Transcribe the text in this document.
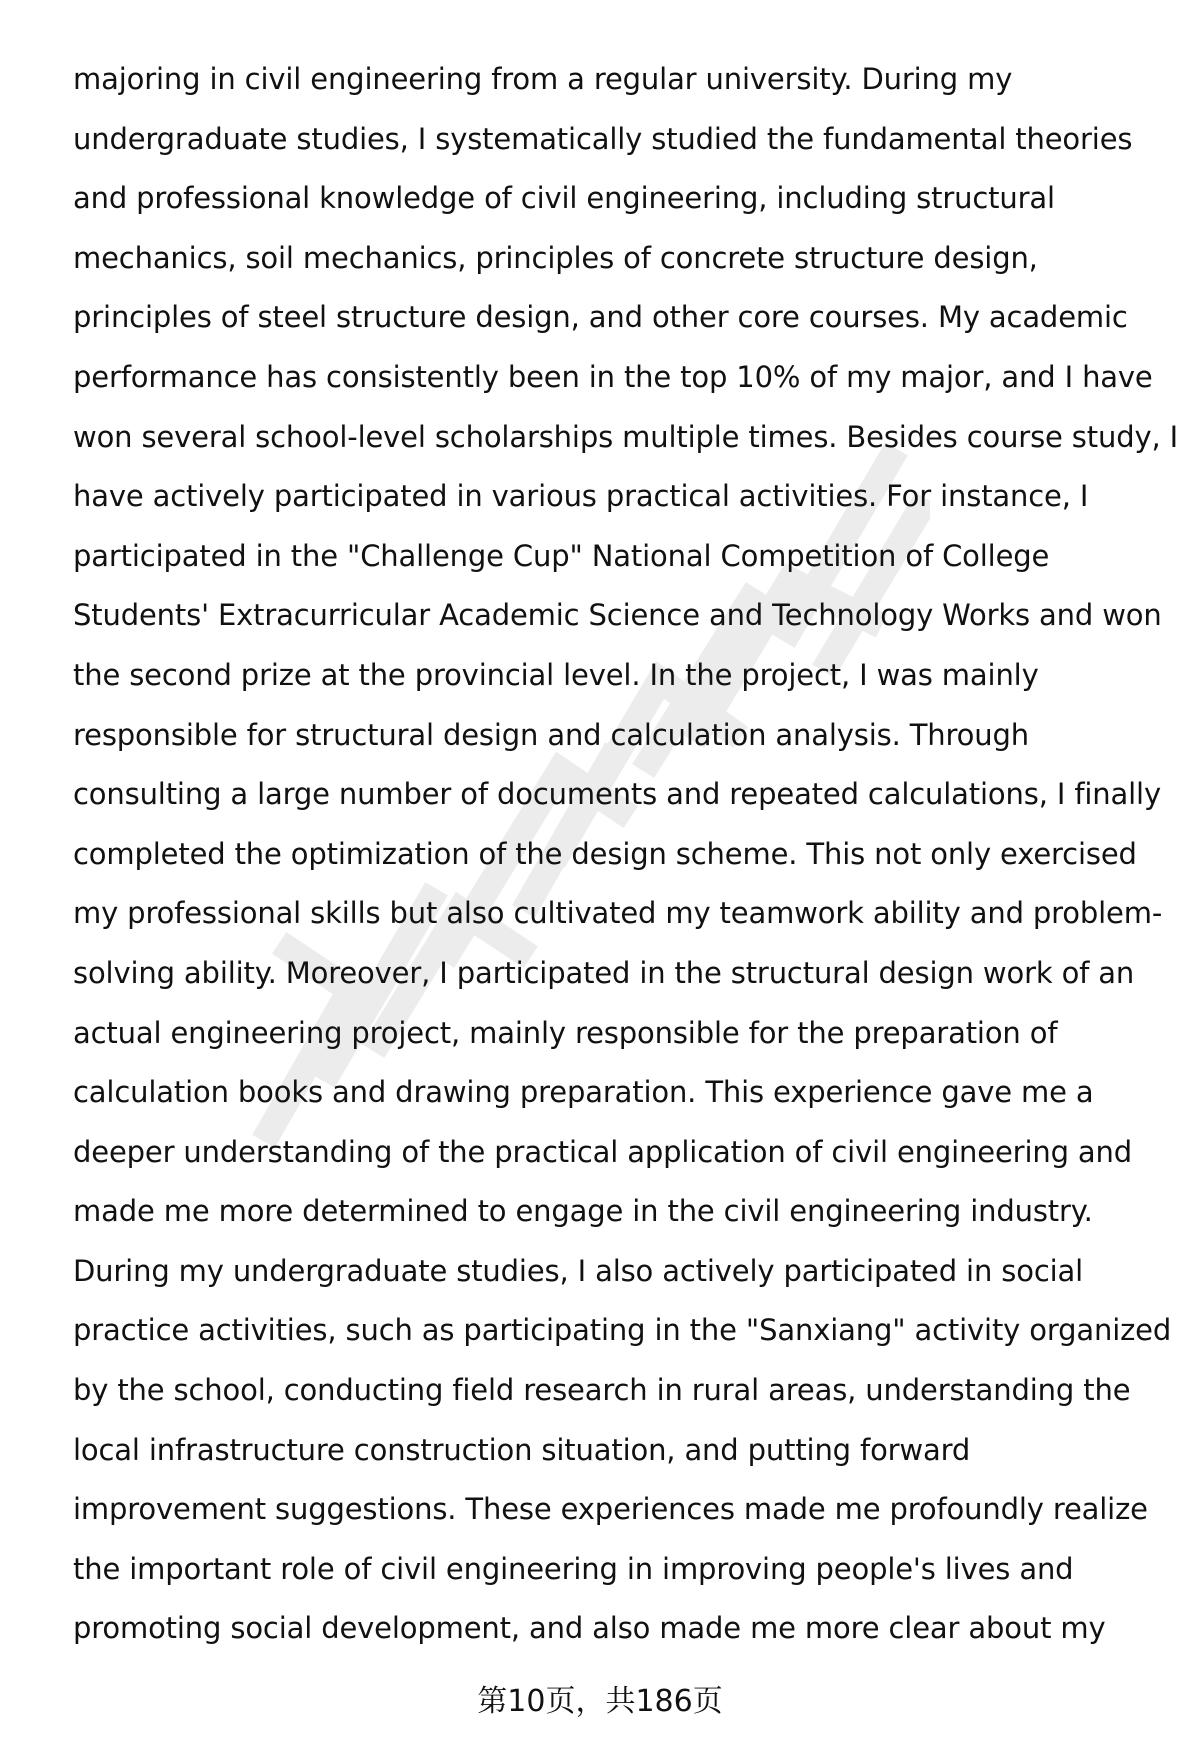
majoring in civil engineering from a regular university. During my
undergraduate studies, I systematically studied the fundamental theories
and professional knowledge of civil engineering, including structural
mechanics, soil mechanics, principles of concrete structure design,
principles of steel structure design, and other core courses. My academic
performance has consistently been in the top 10% of my major, and I have
won several school-level scholarships multiple times. Besides course study, I
have actively participated in various practical activities. For instance, I
participated in the "Challenge Cup" National Competition of College
Students' Extracurricular Academic Science and Technology Works and won
the second prize at the provincial level. In the project, I was mainly
responsible for structural design and calculation analysis. Through
consulting a large number of documents and repeated calculations, I finally
completed the optimization of the design scheme. This not only exercised
my professional skills but also cultivated my teamwork ability and problem-
solving ability. Moreover, I participated in the structural design work of an
actual engineering project, mainly responsible for the preparation of
calculation books and drawing preparation. This experience gave me a
deeper understanding of the practical application of civil engineering and
made me more determined to engage in the civil engineering industry.
During my undergraduate studies, I also actively participated in social
practice activities, such as participating in the "Sanxiang" activity organized
by the school, conducting field research in rural areas, understanding the
local infrastructure construction situation, and putting forward
improvement suggestions. These experiences made me profoundly realize
the important role of civil engineering in improving people's lives and
promoting social development, and also made me more clear about my
第10页，共186页
